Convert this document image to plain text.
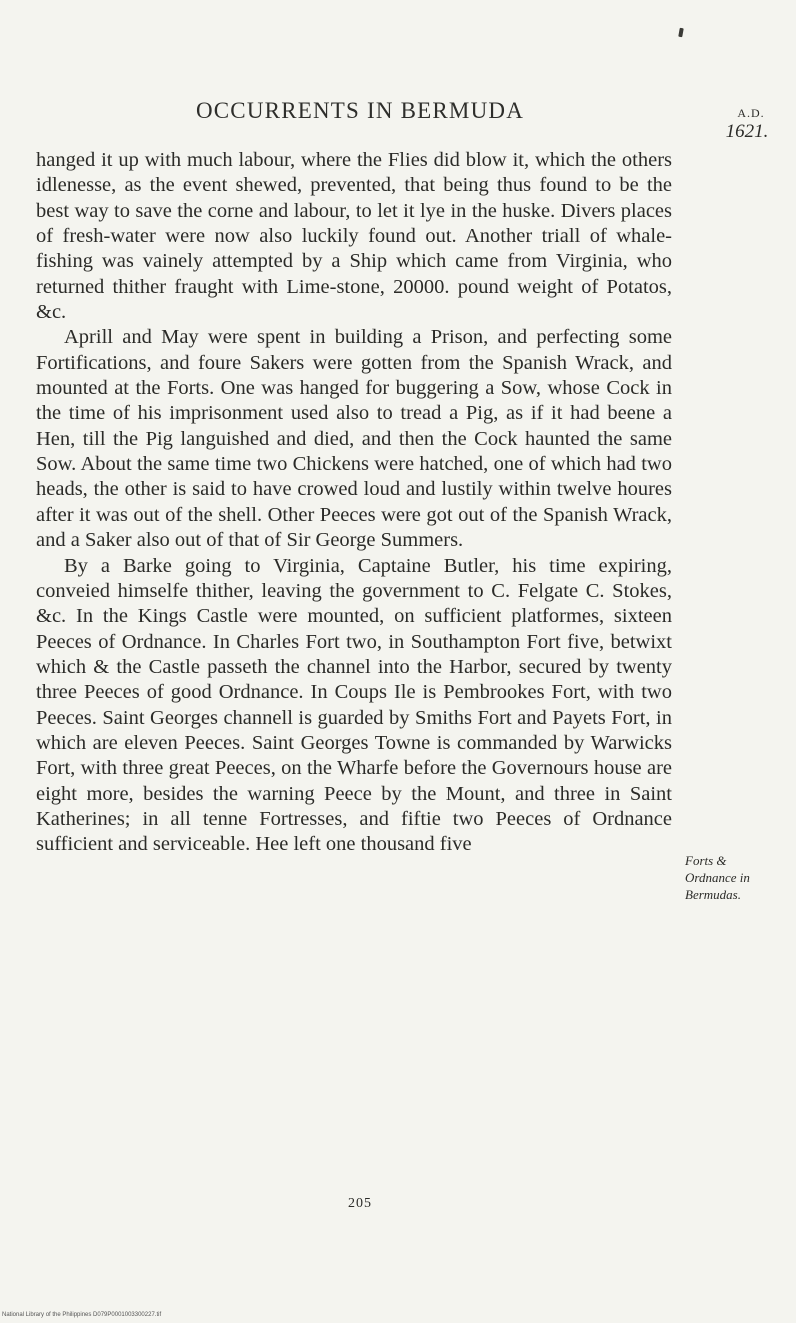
OCCURRENTS IN BERMUDA	A.D.
1621.

hanged it up with much labour, where the Flies did blow it, which the others idlenesse, as the event shewed, prevented, that being thus found to be the best way to save the corne and labour, to let it lye in the huske. Divers places of fresh-water were now also luckily found out. Another triall of whale-fishing was vainely attempted by a Ship which came from Virginia, who returned thither fraught with Lime-stone, 20000. pound weight of Potatos, &c.

Aprill and May were spent in building a Prison, and perfecting some Fortifications, and foure Sakers were gotten from the Spanish Wrack, and mounted at the Forts. One was hanged for buggering a Sow, whose Cock in the time of his imprisonment used also to tread a Pig, as if it had beene a Hen, till the Pig languished and died, and then the Cock haunted the same Sow. About the same time two Chickens were hatched, one of which had two heads, the other is said to have crowed loud and lustily within twelve houres after it was out of the shell. Other Peeces were got out of the Spanish Wrack, and a Saker also out of that of Sir George Summers.

By a Barke going to Virginia, Captaine Butler, his time expiring, conveied himselfe thither, leaving the government to C. Felgate C. Stokes, &c. In the Kings Castle were mounted, on sufficient platformes, sixteen Peeces of Ordnance. In Charles Fort two, in Southampton Fort five, betwixt which & the Castle passeth the channel into the Harbor, secured by twenty three Peeces of good Ordnance. In Coups Ile is Pembrookes Fort, with two Peeces. Saint Georges channell is guarded by Smiths Fort and Payets Fort, in which are eleven Peeces. Saint Georges Towne is commanded by Warwicks Fort, with three great Peeces, on the Wharfe before the Governours house are eight more, besides the warning Peece by the Mount, and three in Saint Katherines; in all tenne Fortresses, and fiftie two Peeces of Ordnance sufficient and serviceable. Hee left one thousand five

Forts &
Ordnance in
Bermudas.
205
National Library of the Philippines D079P0001003300227.tif
